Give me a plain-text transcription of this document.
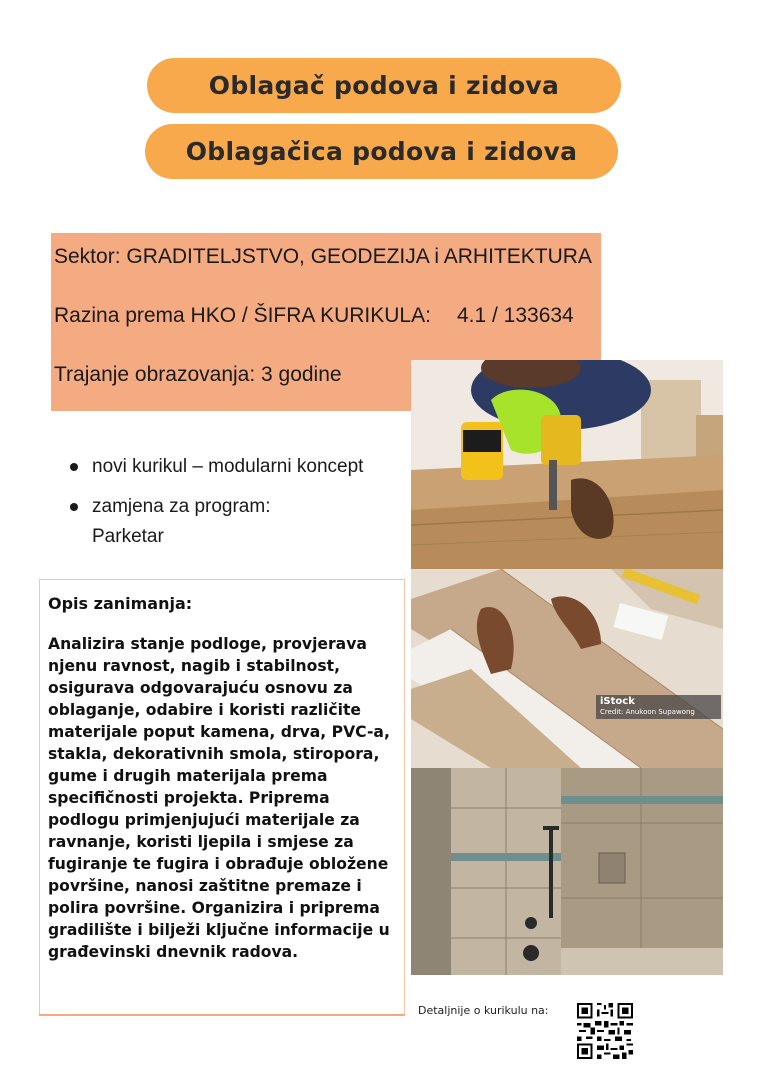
Oblagač podova i zidova
Oblagačica podova i zidova
Sektor: GRADITELJSTVO, GEODEZIJA i ARHITEKTURA
Razina prema HKO / ŠIFRA KURIKULA: 4.1 / 133634
Trajanje obrazovanja: 3 godine
iStock
Credit: Anukoon Supawong
novi kurikul – modularni koncept
zamjena za program:
Parketar
Opis zanimanja:
Analizira stanje podloge, provjerava njenu ravnost, nagib i stabilnost, osigurava odgovarajuću osnovu za oblaganje, odabire i koristi različite materijale poput kamena, drva, PVC-a, stakla, dekorativnih smola, stiropora, gume i drugih materijala prema specifičnosti projekta. Priprema podlogu primjenjujući materijale za ravnanje, koristi ljepila i smjese za fugiranje te fugira i obrađuje obložene površine, nanosi zaštitne premaze i polira površine. Organizira i priprema gradilište i bilježi ključne informacije u građevinski dnevnik radova.
Detaljnije o kurikulu na:
